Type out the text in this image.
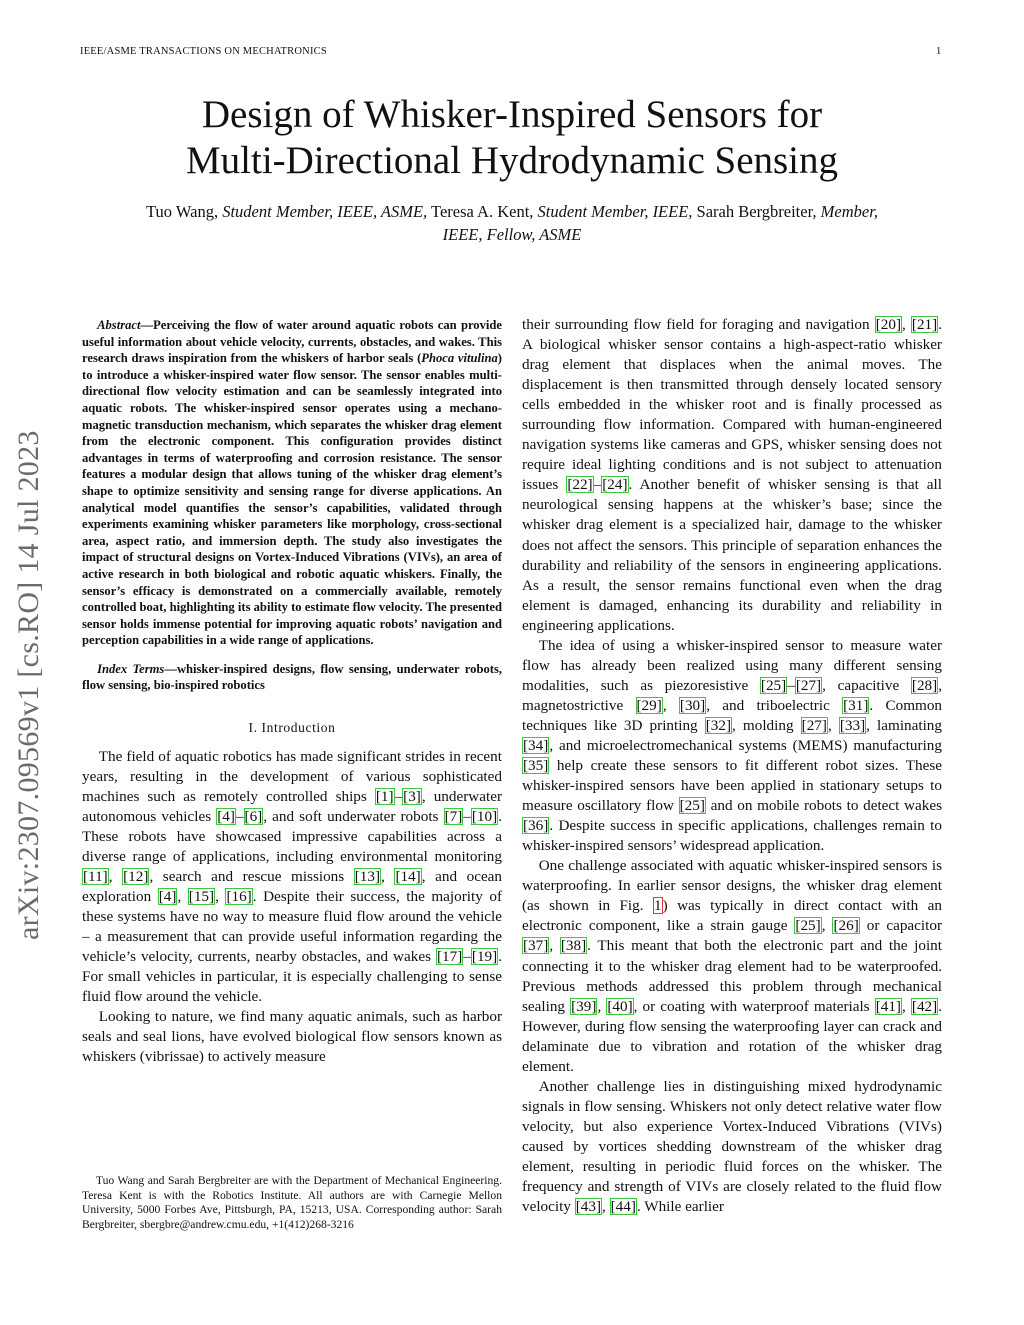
IEEE/ASME TRANSACTIONS ON MECHATRONICS	1
arXiv:2307.09569v1 [cs.RO] 14 Jul 2023
Design of Whisker-Inspired Sensors for
Multi-Directional Hydrodynamic Sensing
Tuo Wang, Student Member, IEEE, ASME, Teresa A. Kent, Student Member, IEEE, Sarah Bergbreiter, Member,
IEEE, Fellow, ASME

Abstract—Perceiving the flow of water around aquatic robots can provide useful information about vehicle velocity, currents, obstacles, and wakes. This research draws inspiration from the whiskers of harbor seals (Phoca vitulina) to introduce a whisker-inspired water flow sensor. The sensor enables multi-directional flow velocity estimation and can be seamlessly integrated into aquatic robots. The whisker-inspired sensor operates using a mechano-magnetic transduction mechanism, which separates the whisker drag element from the electronic component. This configuration provides distinct advantages in terms of waterproofing and corrosion resistance. The sensor features a modular design that allows tuning of the whisker drag element’s shape to optimize sensitivity and sensing range for diverse applications. An analytical model quantifies the sensor’s capabilities, validated through experiments examining whisker parameters like morphology, cross-sectional area, aspect ratio, and immersion depth. The study also investigates the impact of structural designs on Vortex-Induced Vibrations (VIVs), an area of active research in both biological and robotic aquatic whiskers. Finally, the sensor’s efficacy is demonstrated on a commercially available, remotely controlled boat, highlighting its ability to estimate flow velocity. The presented sensor holds immense potential for improving aquatic robots’ navigation and perception capabilities in a wide range of applications.

Index Terms—whisker-inspired designs, flow sensing, underwater robots, flow sensing, bio-inspired robotics

I. Introduction

The field of aquatic robotics has made significant strides in recent years, resulting in the development of various sophisticated machines such as remotely controlled ships [1]–[3], underwater autonomous vehicles [4]–[6], and soft underwater robots [7]–[10]. These robots have showcased impressive capabilities across a diverse range of applications, including environmental monitoring [11], [12], search and rescue missions [13], [14], and ocean exploration [4], [15], [16]. Despite their success, the majority of these systems have no way to measure fluid flow around the vehicle – a measurement that can provide useful information regarding the vehicle’s velocity, currents, nearby obstacles, and wakes [17]–[19]. For small vehicles in particular, it is especially challenging to sense fluid flow around the vehicle.

Looking to nature, we find many aquatic animals, such as harbor seals and seal lions, have evolved biological flow sensors known as whiskers (vibrissae) to actively measure

Tuo Wang and Sarah Bergbreiter are with the Department of Mechanical Engineering. Teresa Kent is with the Robotics Institute. All authors are with Carnegie Mellon University, 5000 Forbes Ave, Pittsburgh, PA, 15213, USA. Corresponding author: Sarah Bergbreiter, sbergbre@andrew.cmu.edu, +1(412)268-3216

their surrounding flow field for foraging and navigation [20], [21]. A biological whisker sensor contains a high-aspect-ratio whisker drag element that displaces when the animal moves. The displacement is then transmitted through densely located sensory cells embedded in the whisker root and is finally processed as surrounding flow information. Compared with human-engineered navigation systems like cameras and GPS, whisker sensing does not require ideal lighting conditions and is not subject to attenuation issues [22]–[24]. Another benefit of whisker sensing is that all neurological sensing happens at the whisker’s base; since the whisker drag element is a specialized hair, damage to the whisker does not affect the sensors. This principle of separation enhances the durability and reliability of the sensors in engineering applications. As a result, the sensor remains functional even when the drag element is damaged, enhancing its durability and reliability in engineering applications.

The idea of using a whisker-inspired sensor to measure water flow has already been realized using many different sensing modalities, such as piezoresistive [25]–[27], capacitive [28], magnetostrictive [29], [30], and triboelectric [31]. Common techniques like 3D printing [32], molding [27], [33], laminating [34], and microelectromechanical systems (MEMS) manufacturing [35] help create these sensors to fit different robot sizes. These whisker-inspired sensors have been applied in stationary setups to measure oscillatory flow [25] and on mobile robots to detect wakes [36]. Despite success in specific applications, challenges remain to whisker-inspired sensors’ widespread application.

One challenge associated with aquatic whisker-inspired sensors is waterproofing. In earlier sensor designs, the whisker drag element (as shown in Fig. 1) was typically in direct contact with an electronic component, like a strain gauge [25], [26] or capacitor [37], [38]. This meant that both the electronic part and the joint connecting it to the whisker drag element had to be waterproofed. Previous methods addressed this problem through mechanical sealing [39], [40], or coating with waterproof materials [41], [42]. However, during flow sensing the waterproofing layer can crack and delaminate due to vibration and rotation of the whisker drag element.

Another challenge lies in distinguishing mixed hydrodynamic signals in flow sensing. Whiskers not only detect relative water flow velocity, but also experience Vortex-Induced Vibrations (VIVs) caused by vortices shedding downstream of the whisker drag element, resulting in periodic fluid forces on the whisker. The frequency and strength of VIVs are closely related to the fluid flow velocity [43], [44]. While earlier
